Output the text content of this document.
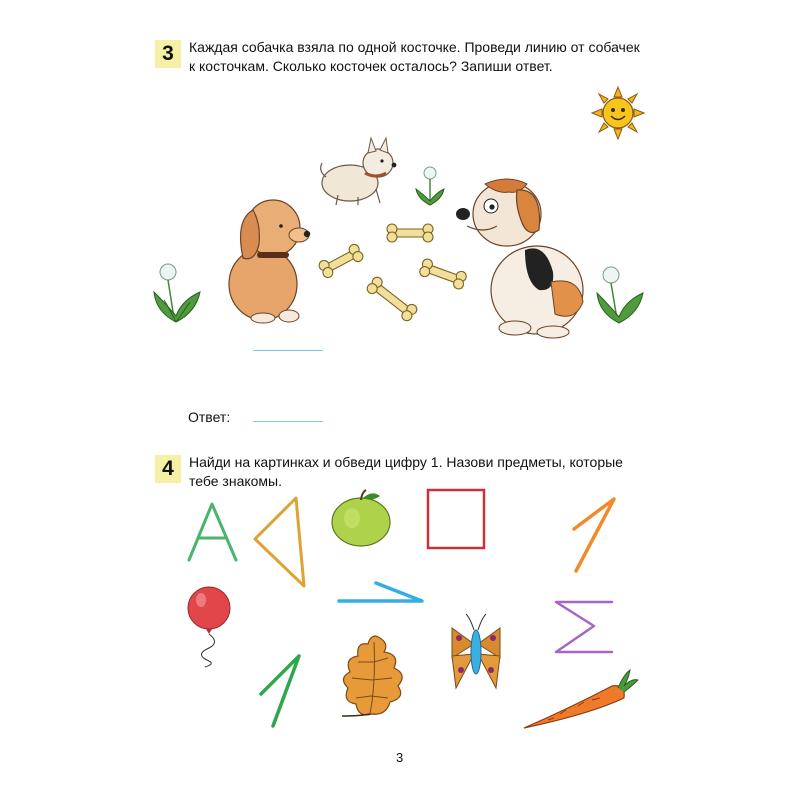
3	Каждая собачка взяла по одной косточке. Проведи линию от собачек
к косточкам. Сколько косточек осталось? Запиши ответ.
Ответ:
4	Найди на картинках и обведи цифру 1. Назови предметы, которые
тебе знакомы.
3
